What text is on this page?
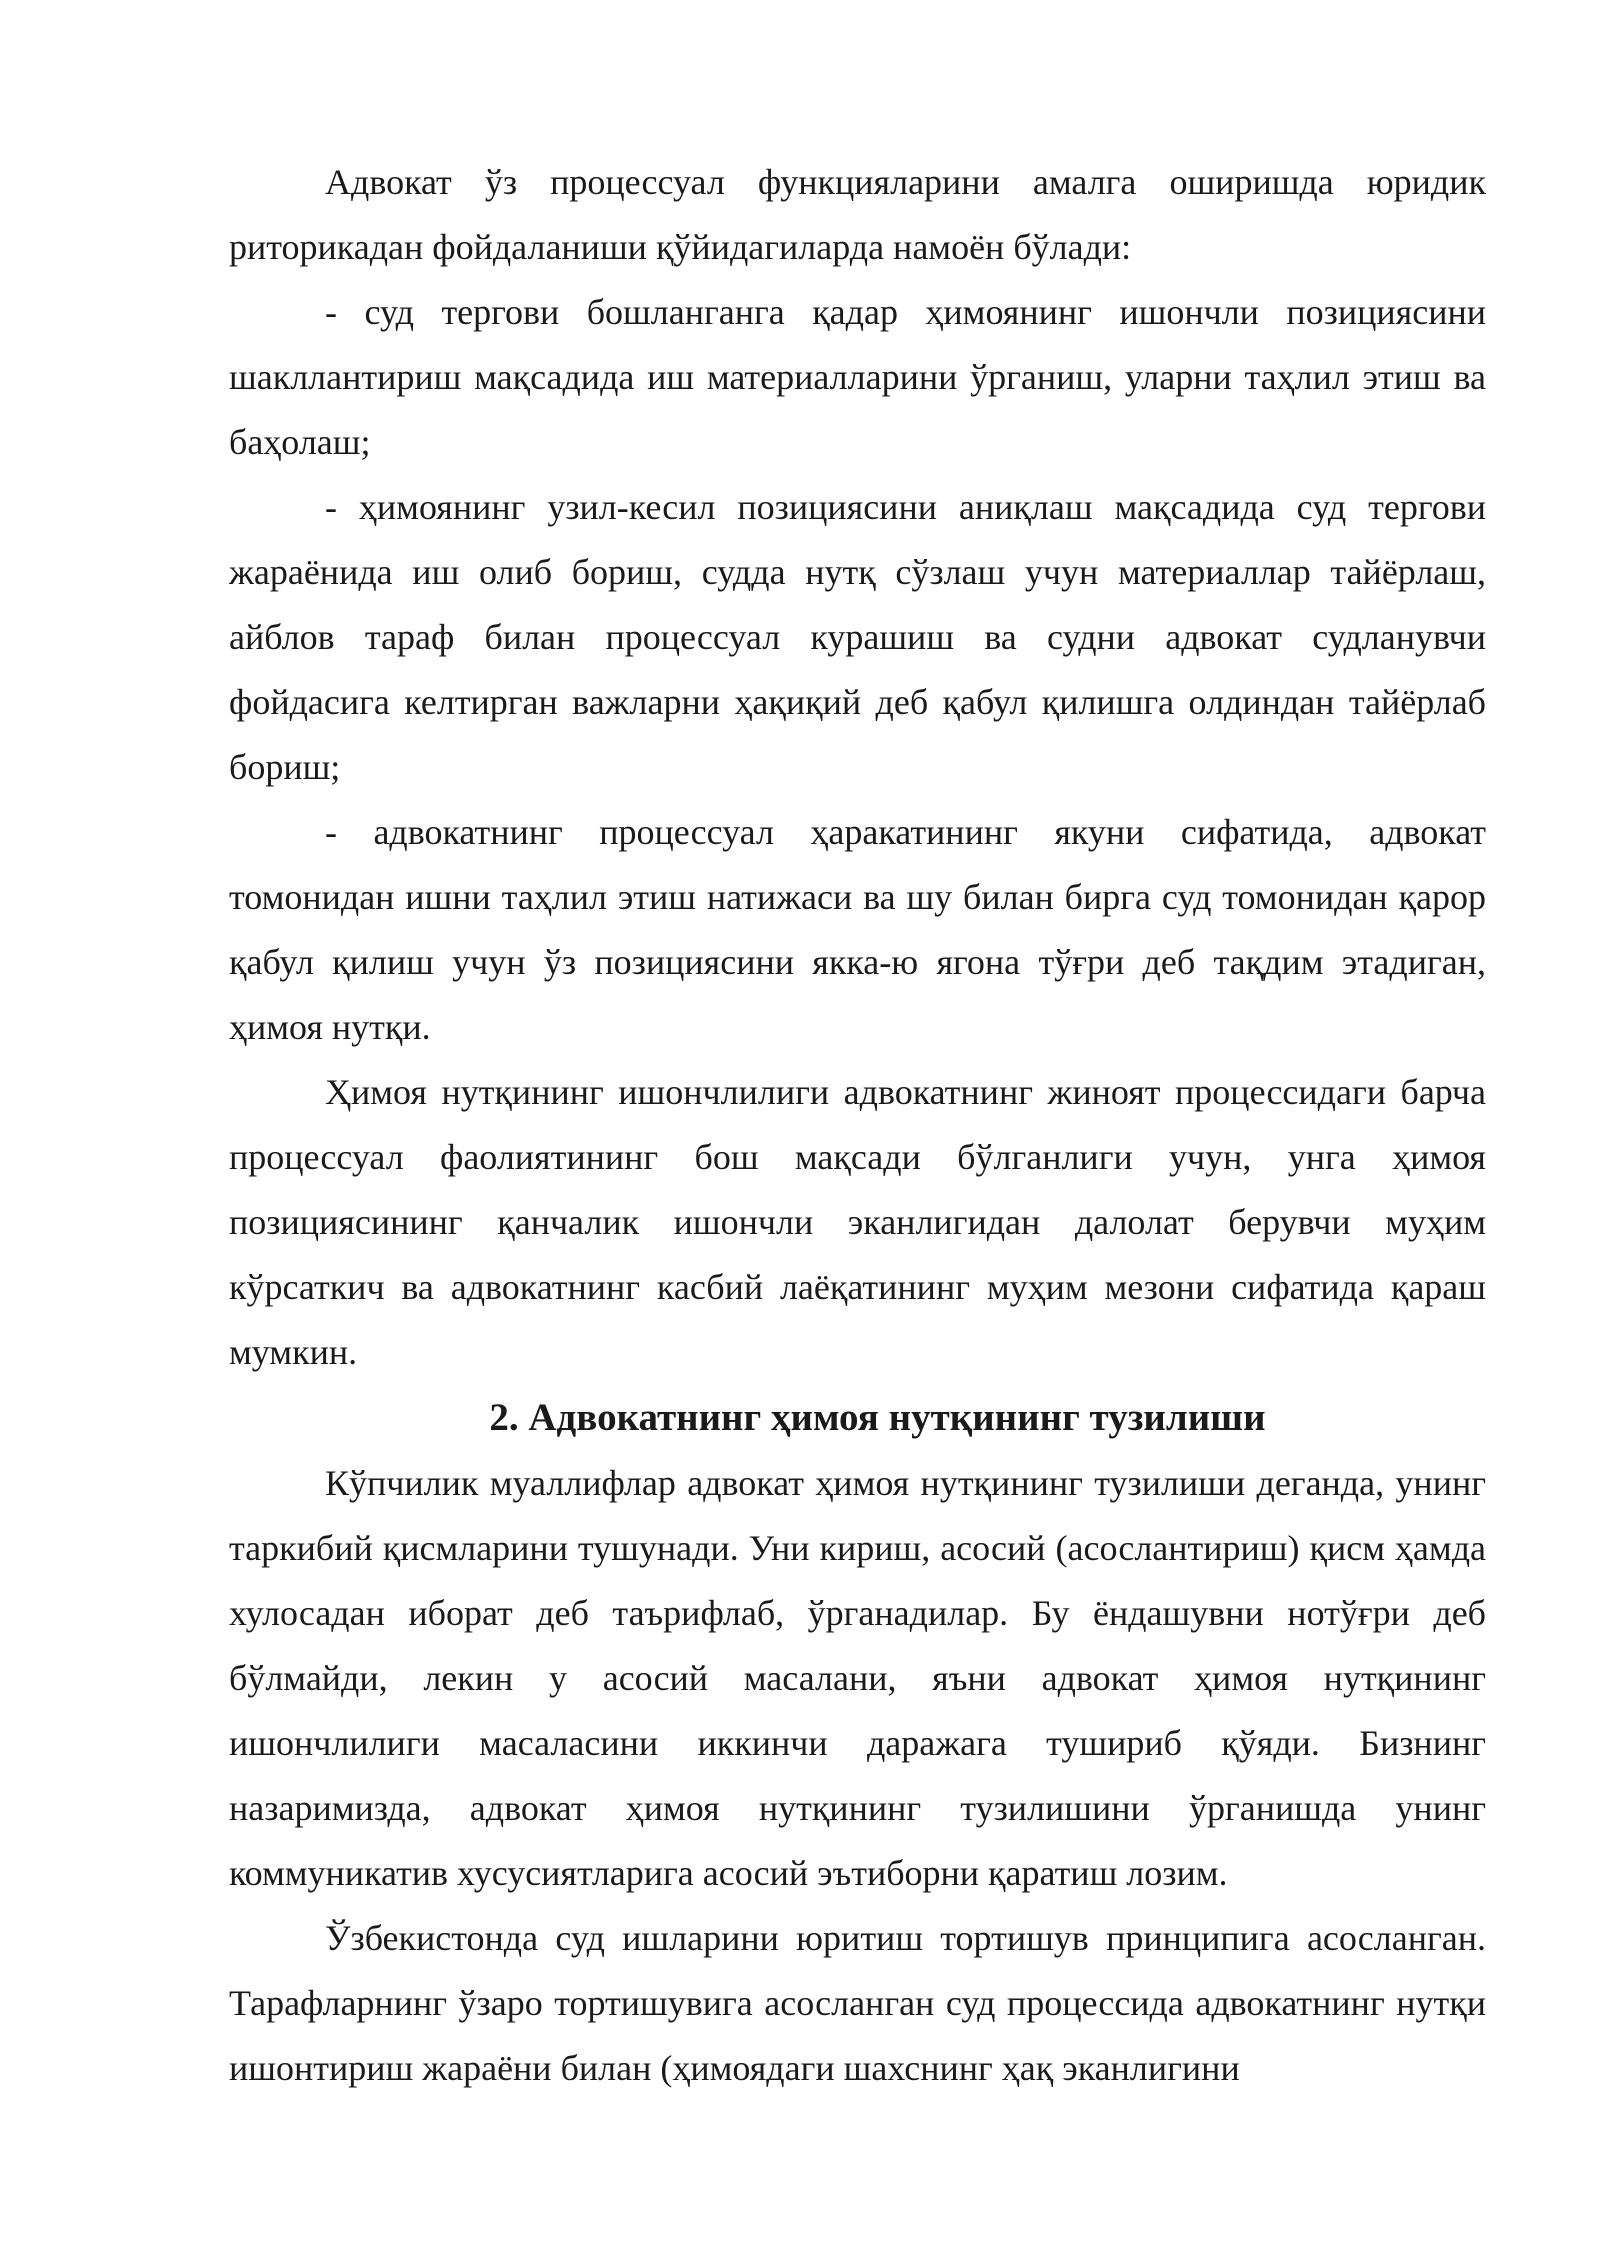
Адвокат ўз процессуал функцияларини амалга оширишда юридик риторикадан фойдаланиши қўйидагиларда намоён бўлади:

- суд тергови бошланганга қадар ҳимоянинг ишончли позициясини шакллантириш мақсадида иш материалларини ўрганиш, уларни таҳлил этиш ва баҳолаш;

- ҳимоянинг узил-кесил позициясини аниқлаш мақсадида суд тергови жараёнида иш олиб бориш, судда нутқ сўзлаш учун материаллар тайёрлаш, айблов тараф билан процессуал курашиш ва судни адвокат судланувчи фойдасига келтирган важларни ҳақиқий деб қабул қилишга олдиндан тайёрлаб бориш;

- адвокатнинг процессуал ҳаракатининг якуни сифатида, адвокат томонидан ишни таҳлил этиш натижаси ва шу билан бирга суд томонидан қарор қабул қилиш учун ўз позициясини якка-ю ягона тўғри деб тақдим этадиган, ҳимоя нутқи.

Ҳимоя нутқининг ишончлилиги адвокатнинг жиноят процессидаги барча процессуал фаолиятининг бош мақсади бўлганлиги учун, унга ҳимоя позициясининг қанчалик ишончли эканлигидан далолат берувчи муҳим кўрсаткич ва адвокатнинг касбий лаёқатининг муҳим мезони сифатида қараш мумкин.

2. Адвокатнинг ҳимоя нутқининг тузилиши

Кўпчилик муаллифлар адвокат ҳимоя нутқининг тузилиши деганда, унинг таркибий қисмларини тушунади. Уни кириш, асосий (асослантириш) қисм ҳамда хулосадан иборат деб таърифлаб, ўрганадилар. Бу ёндашувни нотўғри деб бўлмайди, лекин у асосий масалани, яъни адвокат ҳимоя нутқининг ишончлилиги масаласини иккинчи даражага тушириб қўяди. Бизнинг назаримизда, адвокат ҳимоя нутқининг тузилишини ўрганишда унинг коммуникатив хусусиятларига асосий эътиборни қаратиш лозим.

Ўзбекистонда суд ишларини юритиш тортишув принципига асосланган. Тарафларнинг ўзаро тортишувига асосланган суд процессида адвокатнинг нутқи ишонтириш жараёни билан (ҳимоядаги шахснинг ҳақ эканлигини
